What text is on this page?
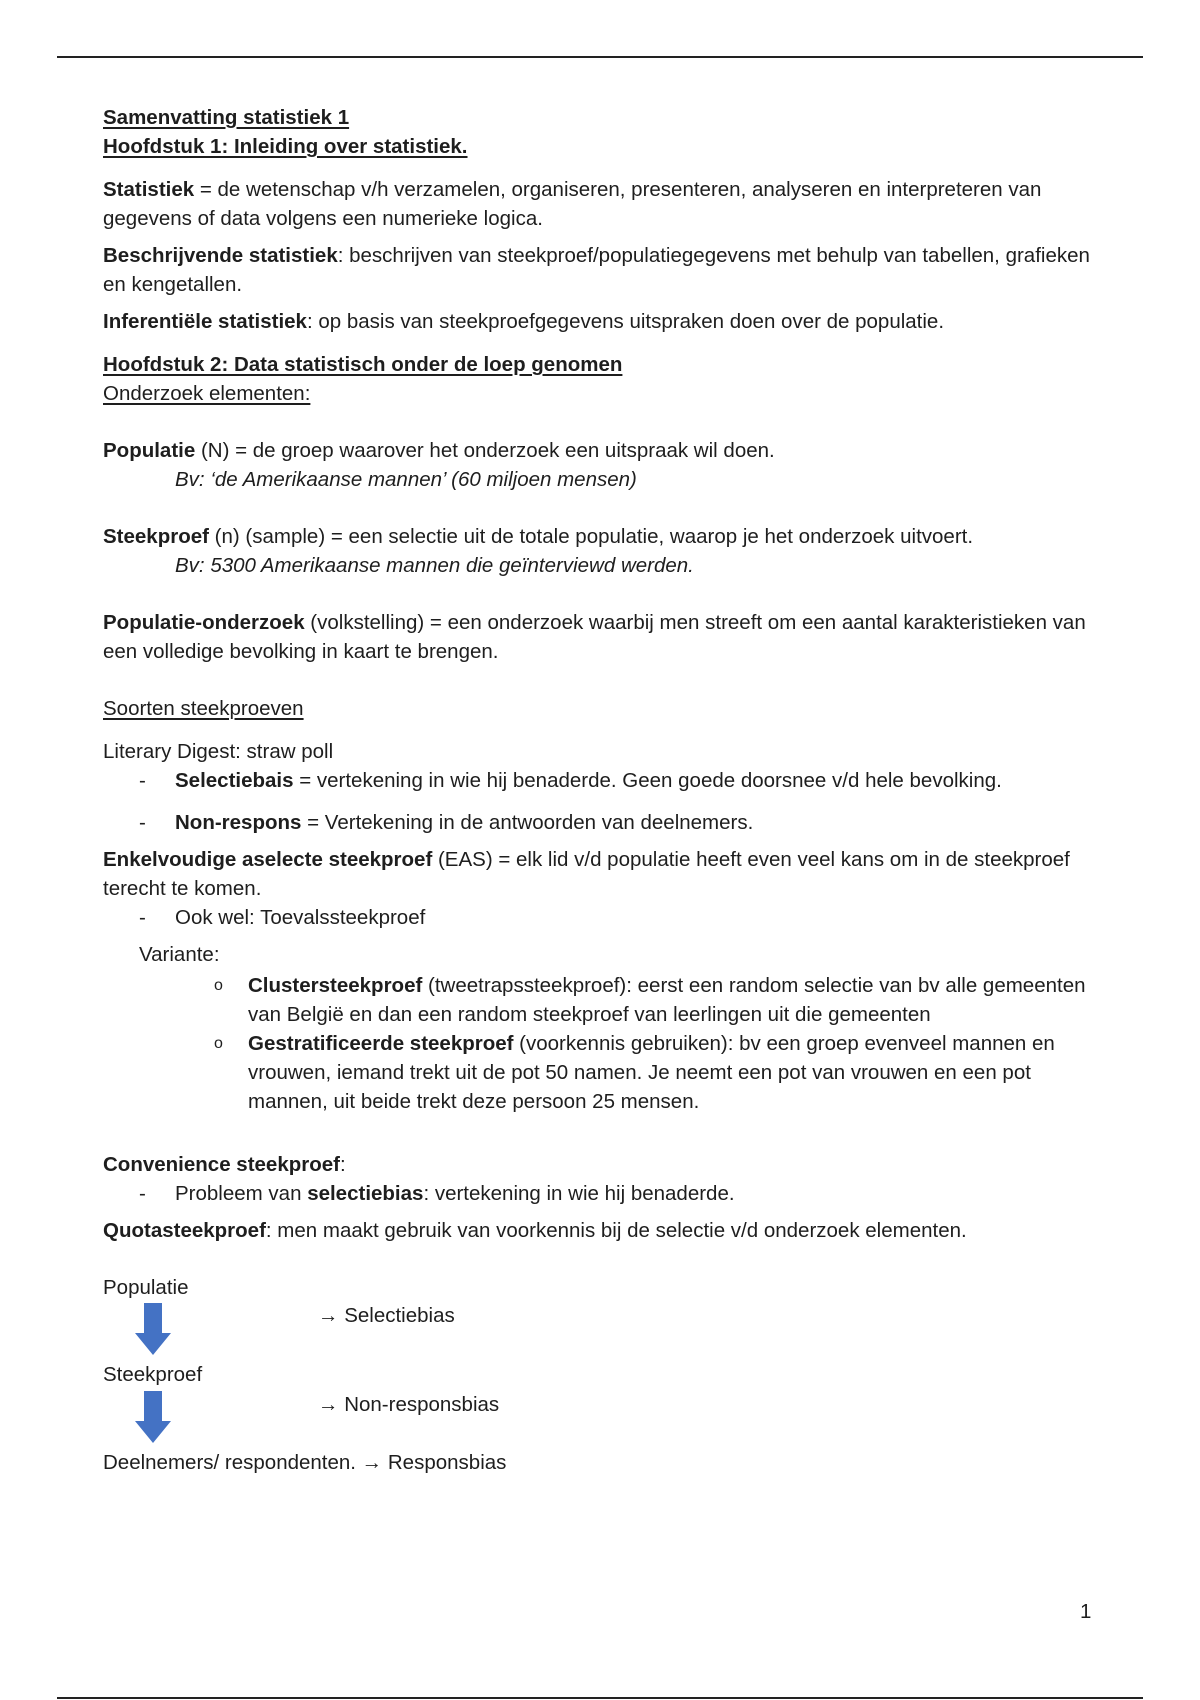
Samenvatting statistiek 1

Hoofdstuk 1: Inleiding over statistiek.

Statistiek = de wetenschap v/h verzamelen, organiseren, presenteren, analyseren en interpreteren van gegevens of data volgens een numerieke logica.

Beschrijvende statistiek: beschrijven van steekproef/populatiegegevens met behulp van tabellen, grafieken en kengetallen.

Inferentiële statistiek: op basis van steekproefgegevens uitspraken doen over de populatie.

Hoofdstuk 2: Data statistisch onder de loep genomen

Onderzoek elementen:

Populatie (N) = de groep waarover het onderzoek een uitspraak wil doen.

Bv: ‘de Amerikaanse mannen’ (60 miljoen mensen)

Steekproef (n) (sample) = een selectie uit de totale populatie, waarop je het onderzoek uitvoert.

Bv: 5300 Amerikaanse mannen die geïnterviewd werden.

Populatie-onderzoek (volkstelling) = een onderzoek waarbij men streeft om een aantal karakteristieken van een volledige bevolking in kaart te brengen.

Soorten steekproeven

Literary Digest: straw poll

- Selectiebais = vertekening in wie hij benaderde. Geen goede doorsnee v/d hele bevolking.
- Non-respons = Vertekening in de antwoorden van deelnemers.

Enkelvoudige aselecte steekproef (EAS) = elk lid v/d populatie heeft even veel kans om in de steekproef terecht te komen.

- Ook wel: Toevalssteekproef

Variante:

o Clustersteekproef (tweetrapssteekproef): eerst een random selectie van bv alle gemeenten van België en dan een random steekproef van leerlingen uit die gemeenten
o Gestratificeerde steekproef (voorkennis gebruiken): bv een groep evenveel mannen en vrouwen, iemand trekt uit de pot 50 namen. Je neemt een pot van vrouwen en een pot mannen, uit beide trekt deze persoon 25 mensen.

Convenience steekproef:

- Probleem van selectiebias: vertekening in wie hij benaderde.

Quotasteekproef: men maakt gebruik van voorkennis bij de selectie v/d onderzoek elementen.

Populatie
→ Selectiebias
Steekproef
→ Non-responsbias
Deelnemers/ respondenten. → Responsbias
1
